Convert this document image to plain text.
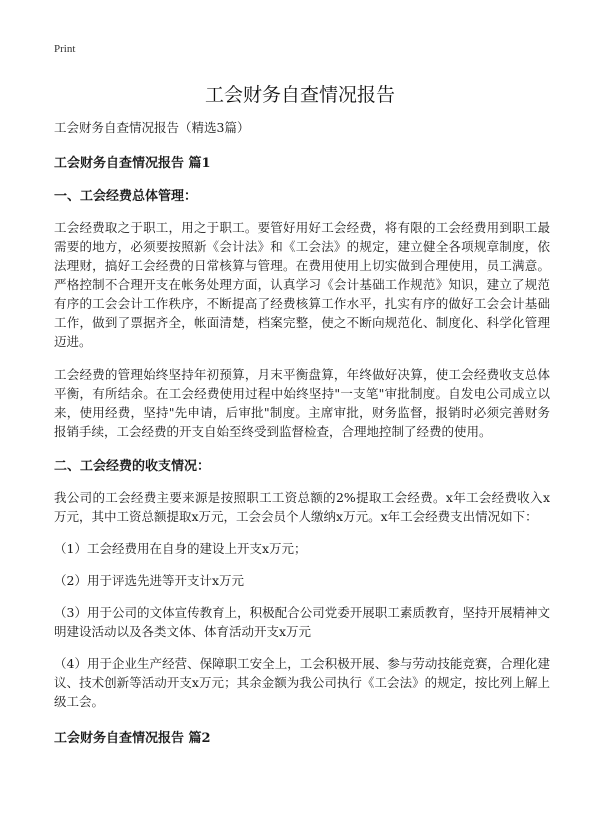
Print
工会财务自查情况报告

工会财务自查情况报告（精选3篇）

工会财务自查情况报告 篇1

一、工会经费总体管理：

工会经费取之于职工，用之于职工。要管好用好工会经费，将有限的工会经费用到职工最需要的地方，必须要按照新《会计法》和《工会法》的规定，建立健全各项规章制度，依法理财，搞好工会经费的日常核算与管理。在费用使用上切实做到合理使用，员工满意。严格控制不合理开支在帐务处理方面，认真学习《会计基础工作规范》知识，建立了规范有序的工会会计工作秩序，不断提高了经费核算工作水平，扎实有序的做好工会会计基础工作，做到了票据齐全，帐面清楚，档案完整，使之不断向规范化、制度化、科学化管理迈进。

工会经费的管理始终坚持年初预算，月末平衡盘算，年终做好决算，使工会经费收支总体平衡，有所结余。在工会经费使用过程中始终坚持"一支笔"审批制度。自发电公司成立以来，使用经费，坚持"先申请，后审批"制度。主席审批，财务监督，报销时必须完善财务报销手续，工会经费的开支自始至终受到监督检查，合理地控制了经费的使用。

二、工会经费的收支情况：

我公司的工会经费主要来源是按照职工工资总额的2%提取工会经费。x年工会经费收入x万元，其中工资总额提取x万元，工会会员个人缴纳x万元。x年工会经费支出情况如下：

（1）工会经费用在自身的建设上开支x万元；

（2）用于评选先进等开支计x万元

（3）用于公司的文体宣传教育上，积极配合公司党委开展职工素质教育，坚持开展精神文明建设活动以及各类文体、体育活动开支x万元

（4）用于企业生产经营、保障职工安全上，工会积极开展、参与劳动技能竞赛，合理化建议、技术创新等活动开支x万元；其余金额为我公司执行《工会法》的规定，按比列上解上级工会。

工会财务自查情况报告 篇2
